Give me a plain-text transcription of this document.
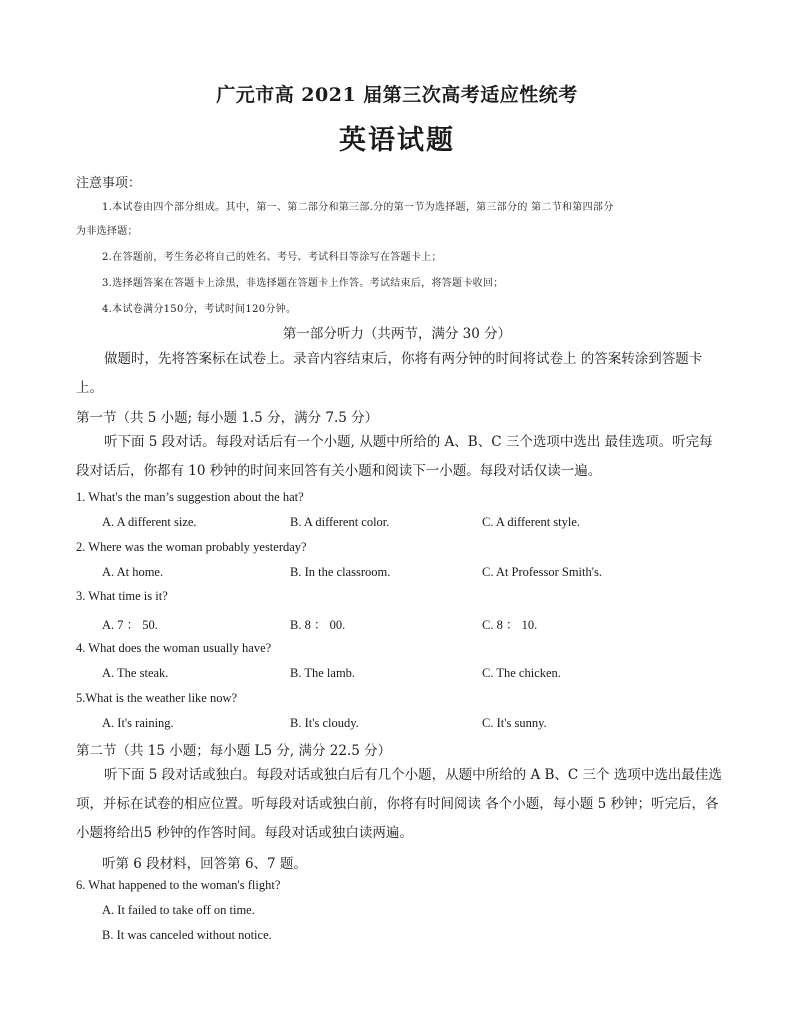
广元市高 2021 届第三次高考适应性统考
英语试题
注意事项：
1.本试卷由四个部分组成。其中，第一、第二部分和第三部.分的第一节为选择题，第三部分的 第二节和第四部分
为非选择题；
2.在答题前，考生务必将自己的姓名、考号、考试科目等涂写在答题卡上；
3.选择题答案在答题卡上涂黑，非选择题在答题卡上作答。考试结束后，将答题卡收回；
4.本试卷满分150分，考试时间120分钟。
第一部分听力（共两节，满分 30 分）
做题时，先将答案标在试卷上。录音内容结束后，你将有两分钟的时间将试卷上 的答案转涂到答题卡上。
第一节（共 5 小题; 每小题 1.5 分，满分 7.5 分）
听下面 5 段对话。每段对话后有一个小题, 从题中所给的 A、B、C 三个选项中选出 最佳选项。听完每段对话后，你都有 10 秒钟的时间来回答有关小题和阅读下一小题。每段对话仅读一遍。
1. What's the man’s suggestion about the hat?
A. A different size.	B. A different color.	C. A different style.
2. Where was the woman probably yesterday?
A. At home.	B. In the classroom.	C. At Professor Smith's.
3. What time is it?
A. 7 ： 50.	B. 8 ： 00.	C. 8 ： 10.
4. What does the woman usually have?
A. The steak.	B. The lamb.	C. The chicken.
5.What is the weather like now?
A. It's raining.	B. It's cloudy.	C. It's sunny.
第二节（共 15 小题；每小题 L5 分, 满分 22.5 分）
听下面 5 段对话或独白。每段对话或独白后有几个小题，从题中所给的 A B、C 三个 选项中选出最佳选项，并标在试卷的相应位置。听每段对话或独白前，你将有时间阅读 各个小题，每小题 5 秒钟；听完后，各小题将给出5 秒钟的作答时间。每段对话或独白读两遍。
听第 6 段材料，回答第 6、7 题。
6. What happened to the woman's flight?
A. It failed to take off on time.
B. It was canceled without notice.
